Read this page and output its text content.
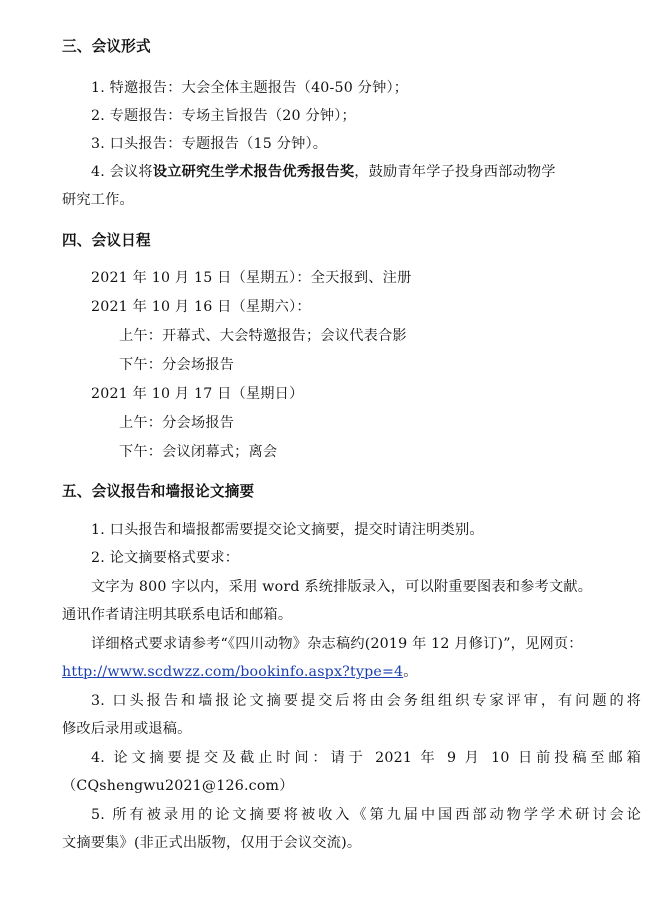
三、会议形式
1. 特邀报告：大会全体主题报告（40-50 分钟）；
2. 专题报告：专场主旨报告（20 分钟）；
3. 口头报告：专题报告（15 分钟）。
4. 会议将设立研究生学术报告优秀报告奖，鼓励青年学子投身西部动物学
研究工作。
四、会议日程
2021 年 10 月 15 日（星期五）：全天报到、注册
2021 年 10 月 16 日（星期六）：
上午：开幕式、大会特邀报告；会议代表合影
下午：分会场报告
2021 年 10 月 17 日（星期日）
上午：分会场报告
下午：会议闭幕式；离会
五、会议报告和墙报论文摘要
1. 口头报告和墙报都需要提交论文摘要，提交时请注明类别。
2. 论文摘要格式要求：
文字为 800 字以内，采用 word 系统排版录入，可以附重要图表和参考文献。
通讯作者请注明其联系电话和邮箱。
详细格式要求请参考“《四川动物》杂志稿约(2019 年 12 月修订)”，见网页：
http://www.scdwzz.com/bookinfo.aspx?type=4。
3. 口头报告和墙报论文摘要提交后将由会务组组织专家评审，有问题的将
修改后录用或退稿。
4. 论文摘要提交及截止时间：请于 2021 年 9 月 10 日前投稿至邮箱
（CQshengwu2021@126.com）
5. 所有被录用的论文摘要将被收入《第九届中国西部动物学学术研讨会论
文摘要集》(非正式出版物，仅用于会议交流)。
